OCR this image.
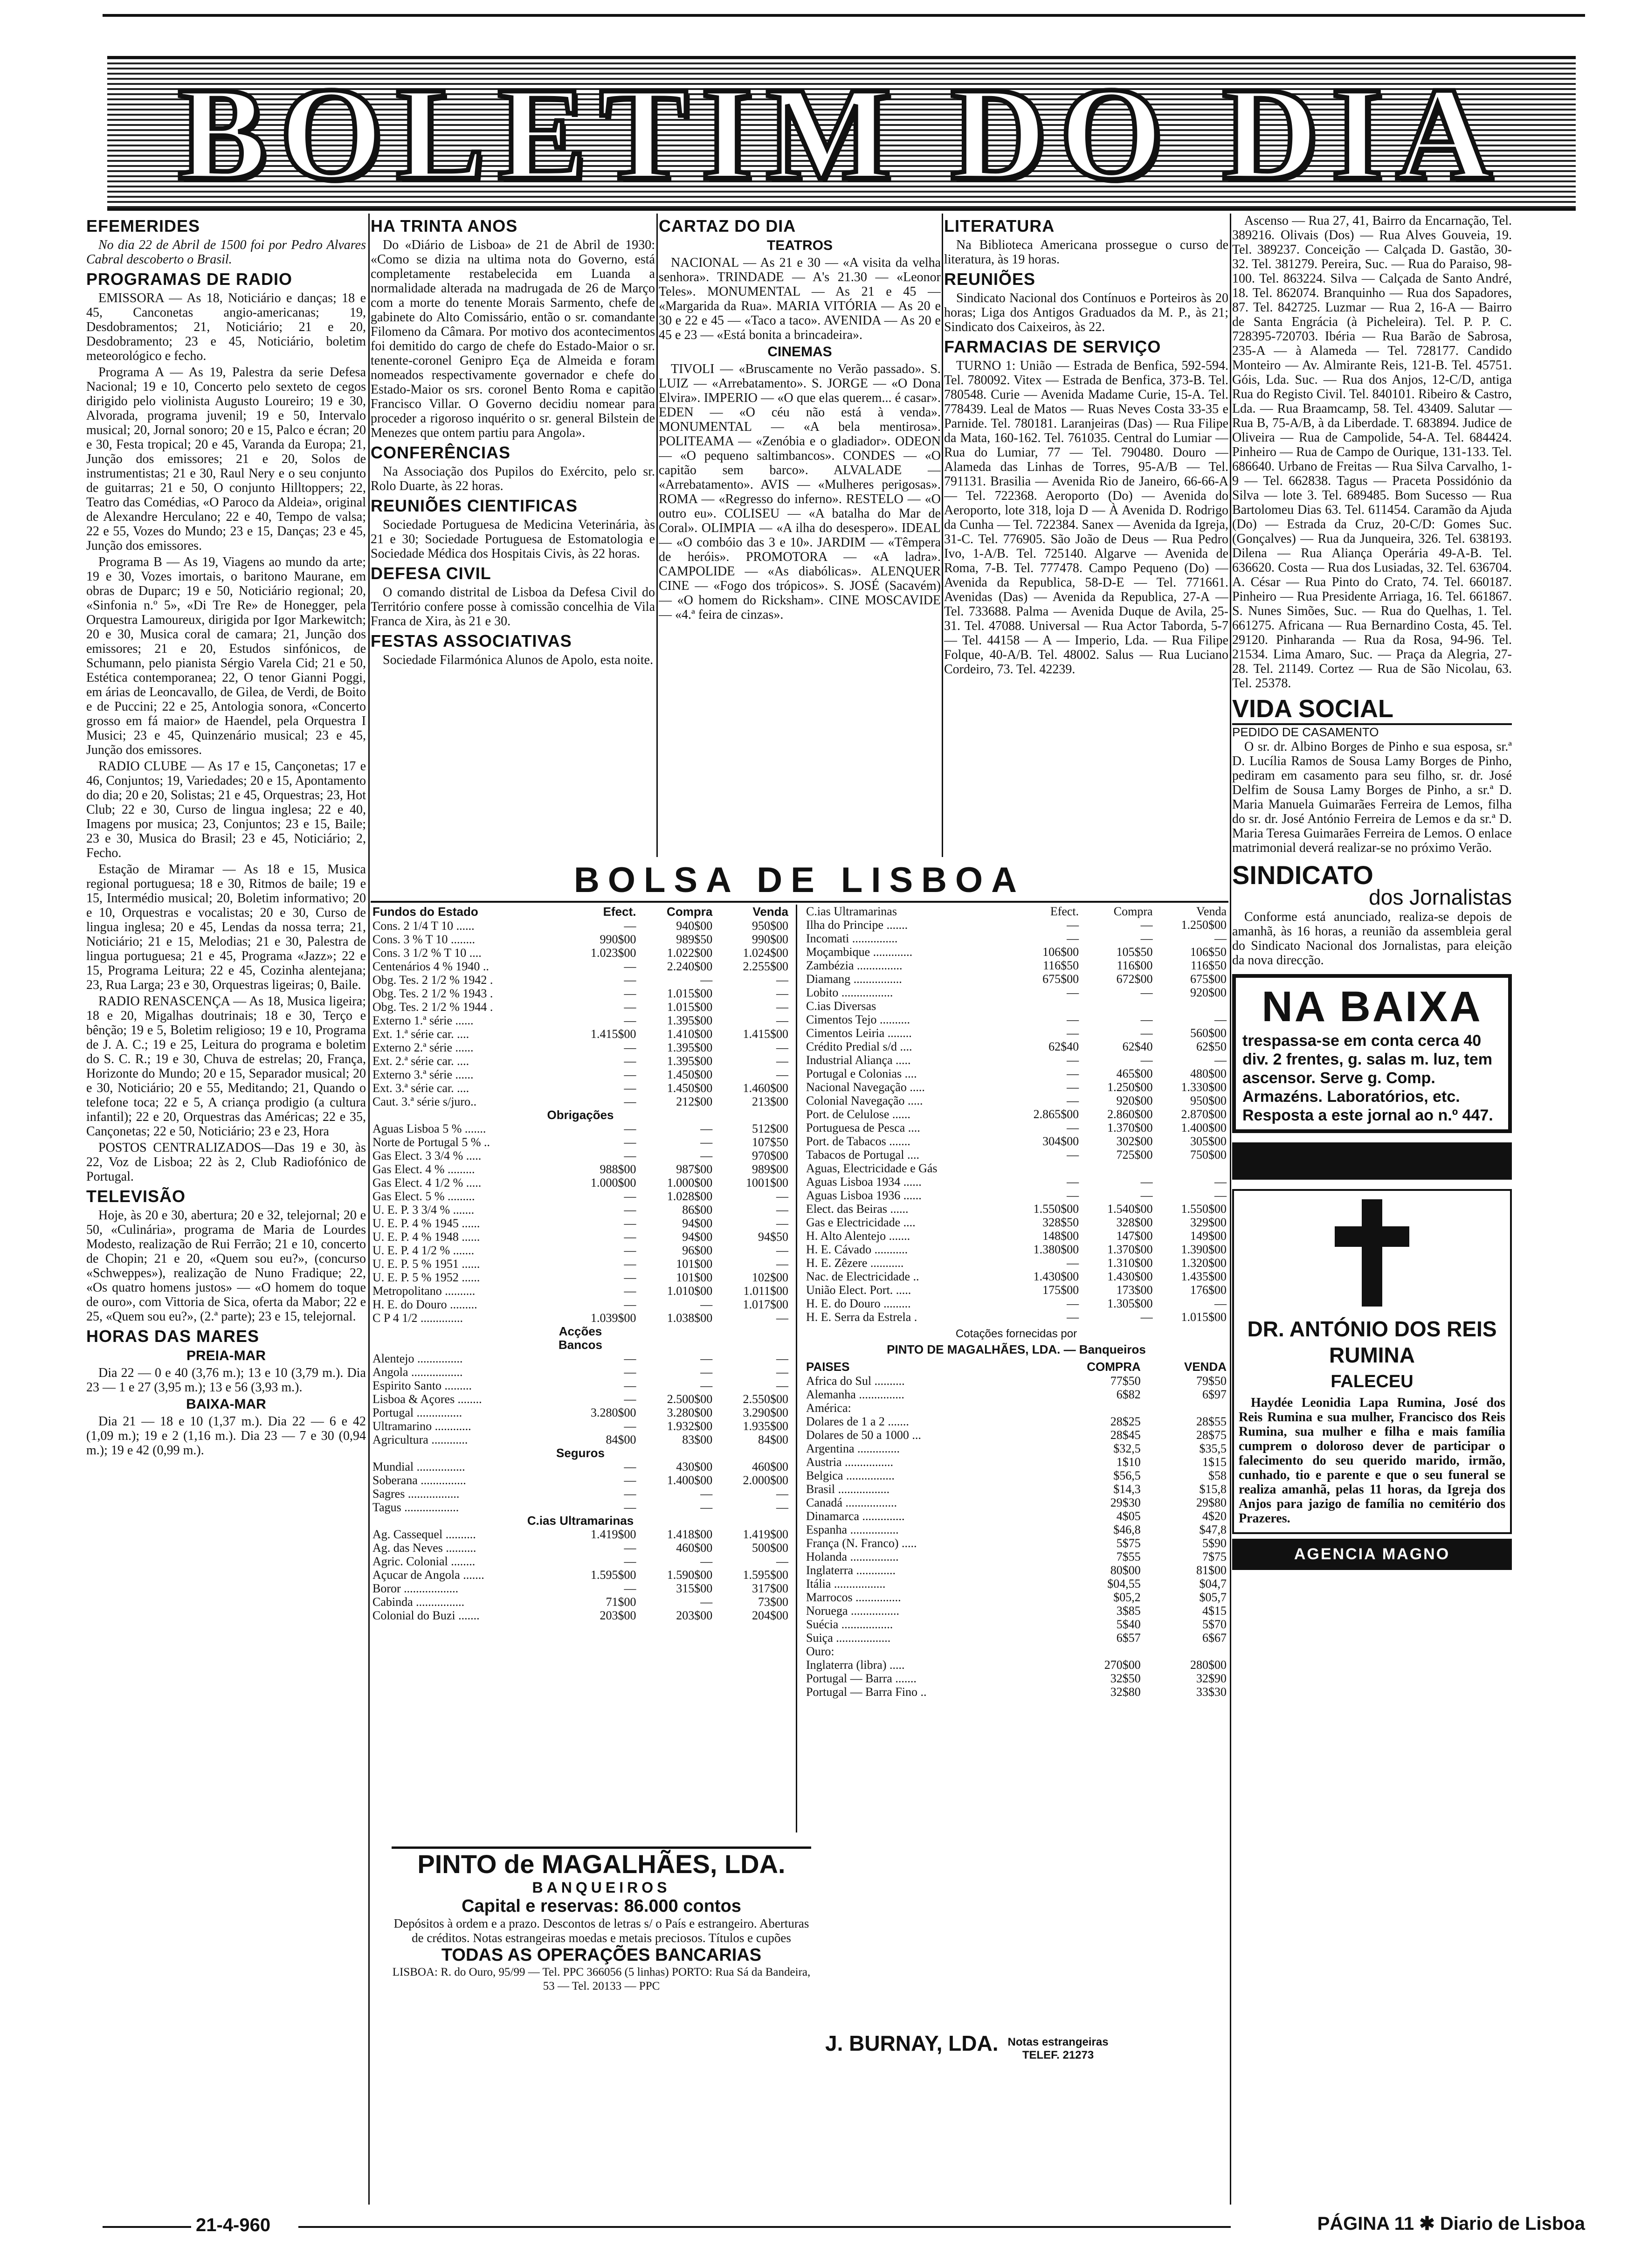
BOLETIM DO DIA
EFEMERIDES

No dia 22 de Abril de 1500 foi por Pedro Alvares Cabral descoberto o Brasil.

PROGRAMAS DE RADIO

EMISSORA — As 18, Noticiário e danças; 18 e 45, Canconetas angio-americanas; 19, Desdobramentos; 21, Noticiário; 21 e 20, Desdobramento; 23 e 45, Noticiário, boletim meteorológico e fecho.

Programa A — As 19, Palestra da serie Defesa Nacional; 19 e 10, Concerto pelo sexteto de cegos dirigido pelo violinista Augusto Loureiro; 19 e 30, Alvorada, programa juvenil; 19 e 50, Intervalo musical; 20, Jornal sonoro; 20 e 15, Palco e écran; 20 e 30, Festa tropical; 20 e 45, Varanda da Europa; 21, Junção dos emissores; 21 e 20, Solos de instrumentistas; 21 e 30, Raul Nery e o seu conjunto de guitarras; 21 e 50, O conjunto Hilltoppers; 22, Teatro das Comédias, «O Paroco da Aldeia», original de Alexandre Herculano; 22 e 40, Tempo de valsa; 22 e 55, Vozes do Mundo; 23 e 15, Danças; 23 e 45, Junção dos emissores.

Programa B — As 19, Viagens ao mundo da arte; 19 e 30, Vozes imortais, o baritono Maurane, em obras de Duparc; 19 e 50, Noticiário regional; 20, «Sinfonia n.º 5», «Di Tre Re» de Honegger, pela Orquestra Lamoureux, dirigida por Igor Markewitch; 20 e 30, Musica coral de camara; 21, Junção dos emissores; 21 e 20, Estudos sinfónicos, de Schumann, pelo pianista Sérgio Varela Cid; 21 e 50, Estética contemporanea; 22, O tenor Gianni Poggi, em árias de Leoncavallo, de Gilea, de Verdi, de Boito e de Puccini; 22 e 25, Antologia sonora, «Concerto grosso em fá maior» de Haendel, pela Orquestra I Musici; 23 e 45, Quinzenário musical; 23 e 45, Junção dos emissores.

RADIO CLUBE — As 17 e 15, Cançonetas; 17 e 46, Conjuntos; 19, Variedades; 20 e 15, Apontamento do dia; 20 e 20, Solistas; 21 e 45, Orquestras; 23, Hot Club; 22 e 30, Curso de lingua inglesa; 22 e 40, Imagens por musica; 23, Conjuntos; 23 e 15, Baile; 23 e 30, Musica do Brasil; 23 e 45, Noticiário; 2, Fecho.

Estação de Miramar — As 18 e 15, Musica regional portuguesa; 18 e 30, Ritmos de baile; 19 e 15, Intermédio musical; 20, Boletim informativo; 20 e 10, Orquestras e vocalistas; 20 e 30, Curso de lingua inglesa; 20 e 45, Lendas da nossa terra; 21, Noticiário; 21 e 15, Melodias; 21 e 30, Palestra de lingua portuguesa; 21 e 45, Programa «Jazz»; 22 e 15, Programa Leitura; 22 e 45, Cozinha alentejana; 23, Rua Larga; 23 e 30, Orquestras ligeiras; 0, Baile.

RADIO RENASCENÇA — As 18, Musica ligeira; 18 e 20, Migalhas doutrinais; 18 e 30, Terço e bênção; 19 e 5, Boletim religioso; 19 e 10, Programa de J. A. C.; 19 e 25, Leitura do programa e boletim do S. C. R.; 19 e 30, Chuva de estrelas; 20, França, Horizonte do Mundo; 20 e 15, Separador musical; 20 e 30, Noticiário; 20 e 55, Meditando; 21, Quando o telefone toca; 22 e 5, A criança prodigio (a cultura infantil); 22 e 20, Orquestras das Américas; 22 e 35, Cançonetas; 22 e 50, Noticiário; 23 e 23, Hora

POSTOS CENTRALIZADOS—Das 19 e 30, às 22, Voz de Lisboa; 22 às 2, Club Radiofónico de Portugal.

TELEVISÃO

Hoje, às 20 e 30, abertura; 20 e 32, telejornal; 20 e 50, «Culinária», programa de Maria de Lourdes Modesto, realização de Rui Ferrão; 21 e 10, concerto de Chopin; 21 e 20, «Quem sou eu?», (concurso «Schweppes»), realização de Nuno Fradique; 22, «Os quatro homens justos» — «O homem do toque de ouro», com Vittoria de Sica, oferta da Mabor; 22 e 25, «Quem sou eu?», (2.ª parte); 23 e 15, telejornal.

HORAS DAS MARES
PREIA-MAR

Dia 22 — 0 e 40 (3,76 m.); 13 e 10 (3,79 m.). Dia 23 — 1 e 27 (3,95 m.); 13 e 56 (3,93 m.).

BAIXA-MAR

Dia 21 — 18 e 10 (1,37 m.). Dia 22 — 6 e 42 (1,09 m.); 19 e 2 (1,16 m.). Dia 23 — 7 e 30 (0,94 m.); 19 e 42 (0,99 m.).

HA TRINTA ANOS

Do «Diário de Lisboa» de 21 de Abril de 1930: «Como se dizia na ultima nota do Governo, está completamente restabelecida em Luanda a normalidade alterada na madrugada de 26 de Março com a morte do tenente Morais Sarmento, chefe de gabinete do Alto Comissário, então o sr. comandante Filomeno da Câmara. Por motivo dos acontecimentos foi demitido do cargo de chefe do Estado-Maior o sr. tenente-coronel Genipro Eça de Almeida e foram nomeados respectivamente governador e chefe do Estado-Maior os srs. coronel Bento Roma e capitão Francisco Villar. O Governo decidiu nomear para proceder a rigoroso inquérito o sr. general Bilstein de Menezes que ontem partiu para Angola».

CONFERÊNCIAS

Na Associação dos Pupilos do Exército, pelo sr. Rolo Duarte, às 22 horas.

REUNIÕES CIENTIFICAS

Sociedade Portuguesa de Medicina Veterinária, às 21 e 30; Sociedade Portuguesa de Estomatologia e Sociedade Médica dos Hospitais Civis, às 22 horas.

DEFESA CIVIL

O comando distrital de Lisboa da Defesa Civil do Território confere posse à comissão concelhia de Vila Franca de Xira, às 21 e 30.

FESTAS ASSOCIATIVAS

Sociedade Filarmónica Alunos de Apolo, esta noite.

CARTAZ DO DIA
TEATROS

NACIONAL — As 21 e 30 — «A visita da velha senhora». TRINDADE — A's 21.30 — «Leonor Teles». MONUMENTAL — As 21 e 45 — «Margarida da Rua». MARIA VITÓRIA — As 20 e 30 e 22 e 45 — «Taco a taco». AVENIDA — As 20 e 45 e 23 — «Está bonita a brincadeira».

CINEMAS

TIVOLI — «Bruscamente no Verão passado». S. LUIZ — «Arrebatamento». S. JORGE — «O Dona Elvira». IMPERIO — «O que elas querem... é casar». EDEN — «O céu não está à venda». MONUMENTAL — «A bela mentirosa». POLITEAMA — «Zenóbia e o gladiador». ODEON — «O pequeno saltimbancos». CONDES — «O capitão sem barco». ALVALADE — «Arrebatamento». AVIS — «Mulheres perigosas». ROMA — «Regresso do inferno». RESTELO — «O outro eu». COLISEU — «A batalha do Mar de Coral». OLIMPIA — «A ilha do desespero». IDEAL — «O combóio das 3 e 10». JARDIM — «Têmpera de heróis». PROMOTORA — «A ladra». CAMPOLIDE — «As diabólicas». ALENQUER CINE — «Fogo dos trópicos». S. JOSÉ (Sacavém) — «O homem do Ricksham». CINE MOSCAVIDE — «4.ª feira de cinzas».

LITERATURA

Na Biblioteca Americana prossegue o curso de literatura, às 19 horas.

REUNIÕES

Sindicato Nacional dos Contínuos e Porteiros às 20 horas; Liga dos Antigos Graduados da M. P., às 21; Sindicato dos Caixeiros, às 22.

FARMACIAS DE SERVIÇO

TURNO 1: União — Estrada de Benfica, 592-594. Tel. 780092. Vitex — Estrada de Benfica, 373-B. Tel. 780548. Curie — Avenida Madame Curie, 15-A. Tel. 778439. Leal de Matos — Ruas Neves Costa 33-35 e Parnide. Tel. 780181. Laranjeiras (Das) — Rua Filipe da Mata, 160-162. Tel. 761035. Central do Lumiar — Rua do Lumiar, 77 — Tel. 790480. Douro — Alameda das Linhas de Torres, 95-A/B — Tel. 791131. Brasilia — Avenida Rio de Janeiro, 66-66-A — Tel. 722368. Aeroporto (Do) — Avenida do Aeroporto, lote 318, loja D — À Avenida D. Rodrigo da Cunha — Tel. 722384. Sanex — Avenida da Igreja, 31-C. Tel. 776905. São João de Deus — Rua Pedro Ivo, 1-A/B. Tel. 725140. Algarve — Avenida de Roma, 7-B. Tel. 777478. Campo Pequeno (Do) — Avenida da Republica, 58-D-E — Tel. 771661. Avenidas (Das) — Avenida da Republica, 27-A — Tel. 733688. Palma — Avenida Duque de Avila, 25-31. Tel. 47088. Universal — Rua Actor Taborda, 5-7 — Tel. 44158 — A — Imperio, Lda. — Rua Filipe Folque, 40-A/B. Tel. 48002. Salus — Rua Luciano Cordeiro, 73. Tel. 42239.

Ascenso — Rua 27, 41, Bairro da Encarnação, Tel. 389216. Olivais (Dos) — Rua Alves Gouveia, 19. Tel. 389237. Conceição — Calçada D. Gastão, 30-32. Tel. 381279. Pereira, Suc. — Rua do Paraiso, 98-100. Tel. 863224. Silva — Calçada de Santo André, 18. Tel. 862074. Branquinho — Rua dos Sapadores, 87. Tel. 842725. Luzmar — Rua 2, 16-A — Bairro de Santa Engrácia (à Picheleira). Tel. P. P. C. 728395-720703. Ibéria — Rua Barão de Sabrosa, 235-A — à Alameda — Tel. 728177. Candido Monteiro — Av. Almirante Reis, 121-B. Tel. 45751. Góis, Lda. Suc. — Rua dos Anjos, 12-C/D, antiga Rua do Registo Civil. Tel. 840101. Ribeiro & Castro, Lda. — Rua Braamcamp, 58. Tel. 43409. Salutar — Rua B, 75-A/B, à da Liberdade. T. 683894. Judice de Oliveira — Rua de Campolide, 54-A. Tel. 684424. Pinheiro — Rua de Campo de Ourique, 131-133. Tel. 686640. Urbano de Freitas — Rua Silva Carvalho, 1-9 — Tel. 662838. Tagus — Praceta Possidónio da Silva — lote 3. Tel. 689485. Bom Sucesso — Rua Bartolomeu Dias 63. Tel. 611454. Caramão da Ajuda (Do) — Estrada da Cruz, 20-C/D: Gomes Suc. (Gonçalves) — Rua da Junqueira, 326. Tel. 638193. Dilena — Rua Aliança Operária 49-A-B. Tel. 636620. Costa — Rua dos Lusiadas, 32. Tel. 636704. A. César — Rua Pinto do Crato, 74. Tel. 660187. Pinheiro — Rua Presidente Arriaga, 16. Tel. 661867. S. Nunes Simões, Suc. — Rua do Quelhas, 1. Tel. 661275. Africana — Rua Bernardino Costa, 45. Tel. 29120. Pinharanda — Rua da Rosa, 94-96. Tel. 21534. Lima Amaro, Suc. — Praça da Alegria, 27-28. Tel. 21149. Cortez — Rua de São Nicolau, 63. Tel. 25378.

VIDA SOCIAL
PEDIDO DE CASAMENTO

O sr. dr. Albino Borges de Pinho e sua esposa, sr.ª D. Lucília Ramos de Sousa Lamy Borges de Pinho, pediram em casamento para seu filho, sr. dr. José Delfim de Sousa Lamy Borges de Pinho, a sr.ª D. Maria Manuela Guimarães Ferreira de Lemos, filha do sr. dr. José António Ferreira de Lemos e da sr.ª D. Maria Teresa Guimarães Ferreira de Lemos. O enlace matrimonial deverá realizar-se no próximo Verão.

SINDICATO
dos Jornalistas

Conforme está anunciado, realiza-se depois de amanhã, às 16 horas, a reunião da assembleia geral do Sindicato Nacional dos Jornalistas, para eleição da nova direcção.

NA BAIXA
trespassa-se em conta cerca 40 div. 2 frentes, g. salas m. luz, tem ascensor. Serve g. Comp. Armazéns. Laboratórios, etc. Resposta a este jornal ao n.º 447.
DR. ANTÓNIO DOS REIS RUMINA
FALECEU

Haydée Leonidia Lapa Rumina, José dos Reis Rumina e sua mulher, Francisco dos Reis Rumina, sua mulher e filha e mais família cumprem o doloroso dever de participar o falecimento do seu querido marido, irmão, cunhado, tio e parente e que o seu funeral se realiza amanhã, pelas 11 horas, da Igreja dos Anjos para jazigo de família no cemitério dos Prazeres.

AGENCIA MAGNO
BOLSA DE LISBOA
Fundos do Estado	Efect.	Compra	Venda
Cons. 2 1/4 T 10 ......	—	940$00	950$00
Cons. 3 % T 10 ........	990$00	989$50	990$00
Cons. 3 1/2 % T 10 ....	1.023$00	1.022$00	1.024$00
Centenários 4 % 1940 ..	—	2.240$00	2.255$00
Obg. Tes. 2 1/2 % 1942 .	—	—	—
Obg. Tes. 2 1/2 % 1943 .	—	1.015$00	—
Obg. Tes. 2 1/2 % 1944 .	—	1.015$00	—
Externo 1.ª série ......	—	1.395$00	—
Ext. 1.ª série car. ....	1.415$00	1.410$00	1.415$00
Externo 2.ª série ......	—	1.395$00	—
Ext. 2.ª série car. ....	—	1.395$00	—
Externo 3.ª série ......	—	1.450$00	—
Ext. 3.ª série car. ....	—	1.450$00	1.460$00
Caut. 3.ª série s/juro..	—	212$00	213$00
Obrigações			
Aguas Lisboa 5 % .......	—	—	512$00
Norte de Portugal 5 % ..	—	—	107$50
Gas Elect. 3 3/4 % .....	—	—	970$00
Gas Elect. 4 % .........	988$00	987$00	989$00
Gas Elect. 4 1/2 % .....	1.000$00	1.000$00	1001$00
Gas Elect. 5 % .........	—	1.028$00	—
U. E. P. 3 3/4 % .......	—	86$00	—
U. E. P. 4 % 1945 ......	—	94$00	—
U. E. P. 4 % 1948 ......	—	94$00	94$50
U. E. P. 4 1/2 % .......	—	96$00	—
U. E. P. 5 % 1951 ......	—	101$00	—
U. E. P. 5 % 1952 ......	—	101$00	102$00
Metropolitano ..........	—	1.010$00	1.011$00
H. E. do Douro .........	—	—	1.017$00
C P 4 1/2 ..............	1.039$00	1.038$00	—
Acções			
Bancos			
Alentejo ...............	—	—	—
Angola .................	—	—	—
Espirito Santo .........	—	—	—
Lisboa & Açores ........	—	2.500$00	2.550$00
Portugal ...............	3.280$00	3.280$00	3.290$00
Ultramarino ............	—	1.932$00	1.935$00
Agricultura ............	84$00	83$00	84$00
Seguros			
Mundial ................	—	430$00	460$00
Soberana ...............	—	1.400$00	2.000$00
Sagres .................	—	—	—
Tagus ..................	—	—	—
C.ias Ultramarinas			
Ag. Cassequel ..........	1.419$00	1.418$00	1.419$00
Ag. das Neves ..........	—	460$00	500$00
Agric. Colonial ........	—	—	—
Açucar de Angola .......	1.595$00	1.590$00	1.595$00
Boror ..................	—	315$00	317$00
Cabinda ................	71$00	—	73$00
Colonial do Buzi .......	203$00	203$00	204$00
C.ias Ultramarinas	Efect.	Compra	Venda
Ilha do Principe .......	—	—	1.250$00
Incomati ...............	—	—	—
Moçambique .............	106$00	105$50	106$50
Zambézia ...............	116$50	116$00	116$50
Diamang ................	675$00	672$00	675$00
Lobito .................	—	—	920$00
C.ias Diversas			
Cimentos Tejo ..........	—	—	—
Cimentos Leiria ........	—	—	560$00
Crédito Predial s/d ....	62$40	62$40	62$50
Industrial Aliança .....	—	—	—
Portugal e Colonias ....	—	465$00	480$00
Nacional Navegação .....	—	1.250$00	1.330$00
Colonial Navegação .....	—	920$00	950$00
Port. de Celulose ......	2.865$00	2.860$00	2.870$00
Portuguesa de Pesca ....	—	1.370$00	1.400$00
Port. de Tabacos .......	304$00	302$00	305$00
Tabacos de Portugal ....	—	725$00	750$00
Aguas, Electricidade e Gás			
Aguas Lisboa 1934 ......	—	—	—
Aguas Lisboa 1936 ......	—	—	—
Elect. das Beiras ......	1.550$00	1.540$00	1.550$00
Gas e Electricidade ....	328$50	328$00	329$00
H. Alto Alentejo .......	148$00	147$00	149$00
H. E. Cávado ...........	1.380$00	1.370$00	1.390$00
H. E. Zêzere ...........	—	1.310$00	1.320$00
Nac. de Electricidade ..	1.430$00	1.430$00	1.435$00
União Elect. Port. .....	175$00	173$00	176$00
H. E. do Douro .........	—	1.305$00	—
H. E. Serra da Estrela .	—	—	1.015$00
Cotações fornecidas por
PINTO DE MAGALHÃES, LDA. — Banqueiros
PAISES	COMPRA	VENDA
Africa do Sul ..........	77$50	79$50
Alemanha ...............	6$82	6$97
América:		
Dolares de 1 a 2 .......	28$25	28$55
Dolares de 50 a 1000 ...	28$45	28$75
Argentina ..............	$32,5	$35,5
Austria ................	1$10	1$15
Belgica ................	$56,5	$58
Brasil .................	$14,3	$15,8
Canadá .................	29$30	29$80
Dinamarca ..............	4$05	4$20
Espanha ................	$46,8	$47,8
França (N. Franco) .....	5$75	5$90
Holanda ................	7$55	7$75
Inglaterra .............	80$00	81$00
Itália .................	$04,55	$04,7
Marrocos ...............	$05,2	$05,7
Noruega ................	3$85	4$15
Suécia .................	5$40	5$70
Suiça ..................	6$57	6$67
Ouro:		
Inglaterra (libra) .....	270$00	280$00
Portugal — Barra .......	32$50	32$90
Portugal — Barra Fino ..	32$80	33$30
PINTO de MAGALHÃES, LDA.
BANQUEIROS
Capital e reservas: 86.000 contos
Depósitos à ordem e a prazo. Descontos de letras s/ o País e estrangeiro. Aberturas de créditos. Notas estrangeiras moedas e metais preciosos. Títulos e cupões
TODAS AS OPERAÇÕES BANCARIAS
LISBOA: R. do Ouro, 95/99 — Tel. PPC 366056 (5 linhas) PORTO: Rua Sá da Bandeira, 53 — Tel. 20133 — PPC
J. BURNAY, LDA. Notas estrangeiras
TELEF. 21273
21-4-960	PÁGINA 11 ✱ Diario de Lisboa
